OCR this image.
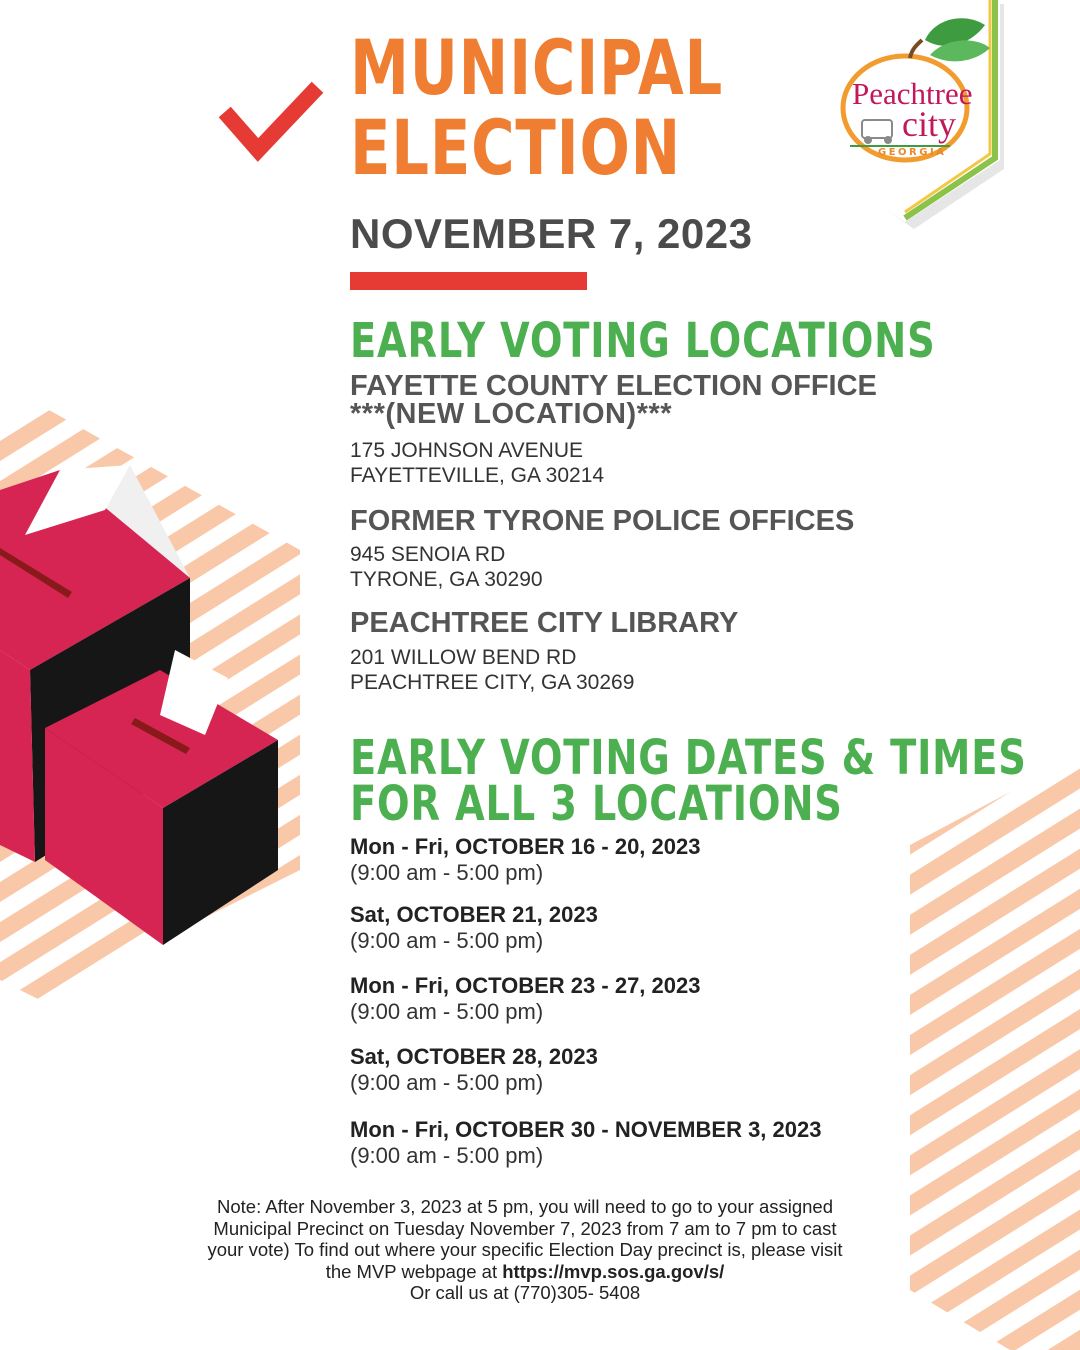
Peachtree
city
GEORGIA
MUNICIPAL
ELECTION
NOVEMBER 7, 2023
EARLY VOTING LOCATIONS
FAYETTE COUNTY ELECTION OFFICE
***(NEW LOCATION)***
175 JOHNSON AVENUE
FAYETTEVILLE, GA 30214
FORMER TYRONE POLICE OFFICES
945 SENOIA RD
TYRONE, GA 30290
PEACHTREE CITY LIBRARY
201 WILLOW BEND RD
PEACHTREE CITY, GA 30269
EARLY VOTING DATES & TIMES
FOR ALL 3 LOCATIONS
Mon - Fri, OCTOBER 16 - 20, 2023
(9:00 am - 5:00 pm)
Sat, OCTOBER 21, 2023
(9:00 am - 5:00 pm)
Mon - Fri, OCTOBER 23 - 27, 2023
(9:00 am - 5:00 pm)
Sat, OCTOBER 28, 2023
(9:00 am - 5:00 pm)
Mon - Fri, OCTOBER 30 - NOVEMBER 3, 2023
(9:00 am - 5:00 pm)
Note: After November 3, 2023 at 5 pm, you will need to go to your assigned
Municipal Precinct on Tuesday November 7, 2023 from 7 am to 7 pm to cast
your vote) To find out where your specific Election Day precinct is, please visit
the MVP webpage at https://mvp.sos.ga.gov/s/
Or call us at (770)305- 5408
